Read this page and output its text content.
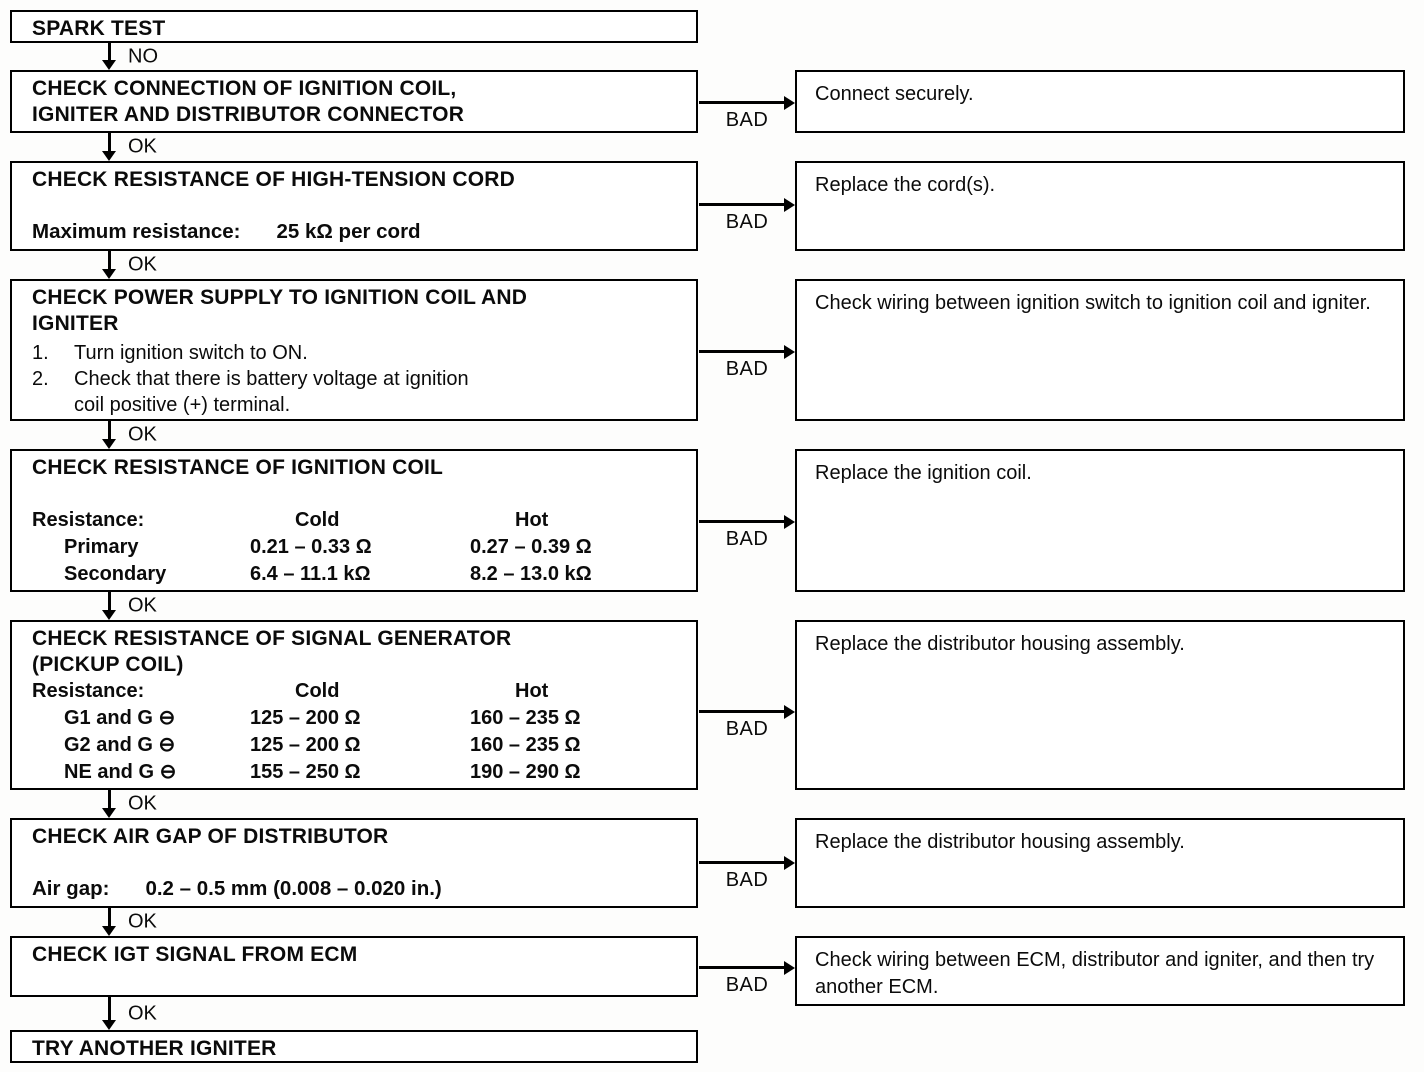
SPARK TEST
NO
CHECK CONNECTION OF IGNITION COIL,
IGNITER AND DISTRIBUTOR CONNECTOR	BAD
Connect securely.
OK
CHECK RESISTANCE OF HIGH-TENSION CORD
Maximum resistance: 25 kΩ per cord	BAD
Replace the cord(s).
OK
CHECK POWER SUPPLY TO IGNITION COIL AND
IGNITER
1.	Turn ignition switch to ON.
2.	Check that there is battery voltage at ignition coil positive (+) terminal.
BAD
Check wiring between ignition switch to ignition coil and igniter.
OK
CHECK RESISTANCE OF IGNITION COIL
Resistance:	Cold	Hot
Primary	0.21 – 0.33 Ω	0.27 – 0.39 Ω
Secondary	6.4 – 11.1 kΩ	8.2 – 13.0 kΩ
BAD
Replace the ignition coil.
OK
CHECK RESISTANCE OF SIGNAL GENERATOR
(PICKUP COIL)
Resistance:	Cold	Hot
G1 and G ⊖	125 – 200 Ω	160 – 235 Ω
G2 and G ⊖	125 – 200 Ω	160 – 235 Ω
NE and G ⊖	155 – 250 Ω	190 – 290 Ω
BAD
Replace the distributor housing assembly.
OK
CHECK AIR GAP OF DISTRIBUTOR
Air gap: 0.2 – 0.5 mm (0.008 – 0.020 in.)	BAD
Replace the distributor housing assembly.
OK
CHECK IGT SIGNAL FROM ECM
BAD
Check wiring between ECM, distributor and igniter, and then try another ECM.
OK
TRY ANOTHER IGNITER
